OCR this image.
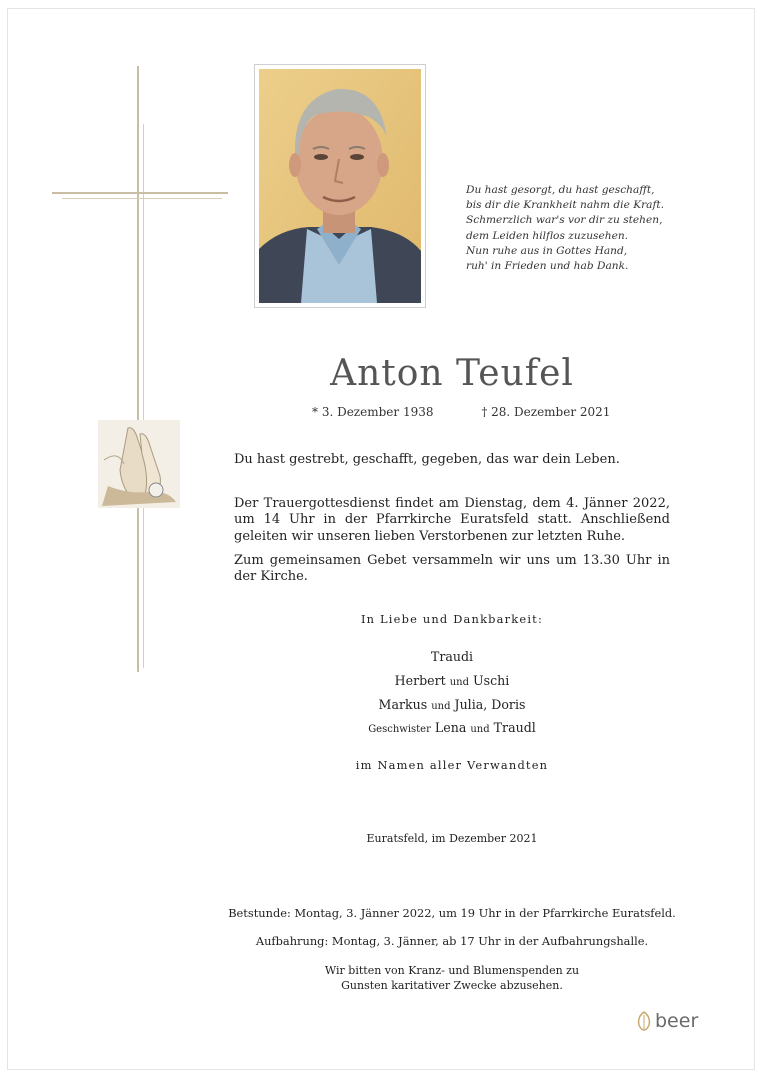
Du hast gesorgt, du hast geschafft,
bis dir die Krankheit nahm die Kraft.
Schmerzlich war's vor dir zu stehen,
dem Leiden hilflos zuzusehen.
Nun ruhe aus in Gottes Hand,
ruh' in Frieden und hab Dank.
Anton Teufel
* 3. Dezember 1938	† 28. Dezember 2021
Du hast gestrebt, geschafft, gegeben, das war dein Leben.
Der Trauergottesdienst findet am Dienstag, dem 4. Jänner 2022, um 14 Uhr in der Pfarrkirche Euratsfeld statt. Anschließend geleiten wir unseren lieben Verstorbenen zur letzten Ruhe.
Zum gemeinsamen Gebet versammeln wir uns um 13.30 Uhr in der Kirche.
In Liebe und Dankbarkeit:
Traudi
Herbert und Uschi
Markus und Julia, Doris
Geschwister Lena und Traudl
im Namen aller Verwandten
Euratsfeld, im Dezember 2021
Betstunde: Montag, 3. Jänner 2022, um 19 Uhr in der Pfarrkirche Euratsfeld.
Aufbahrung: Montag, 3. Jänner, ab 17 Uhr in der Aufbahrungshalle.
Wir bitten von Kranz- und Blumenspenden zu
Gunsten karitativer Zwecke abzusehen.
beer
